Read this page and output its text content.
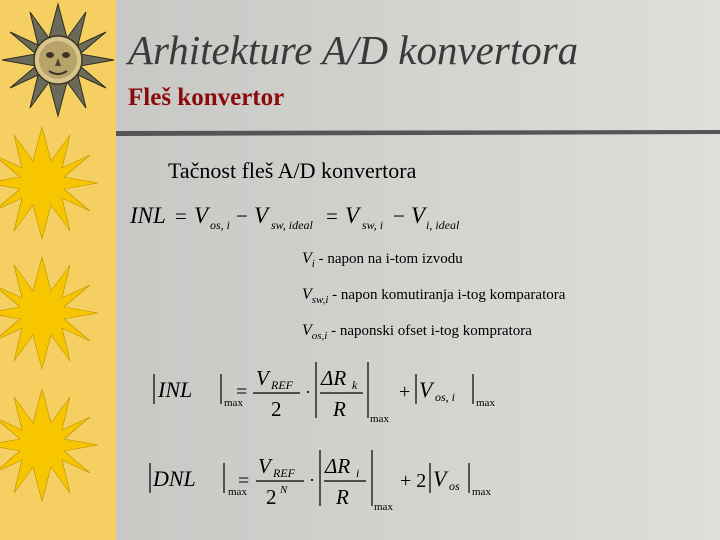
Arhitekture A/D konvertora
Fleš konvertor
Tačnost fleš A/D konvertora
INL = V os, i − V sw, ideal = V sw, i − V i, ideal
$V_i$ - napon na i-tom izvodu
$V_{sw,i}$ - napon komutiranja i-tog komparatora
$V_{os,i}$ - naponski ofset i-tog kompratora
INL
max
=
V REF
2
·
ΔR k
R max
+ V os, i max
DNL
max
=
V REF
2 N ·
ΔR i
R max
+ 2 V os max
